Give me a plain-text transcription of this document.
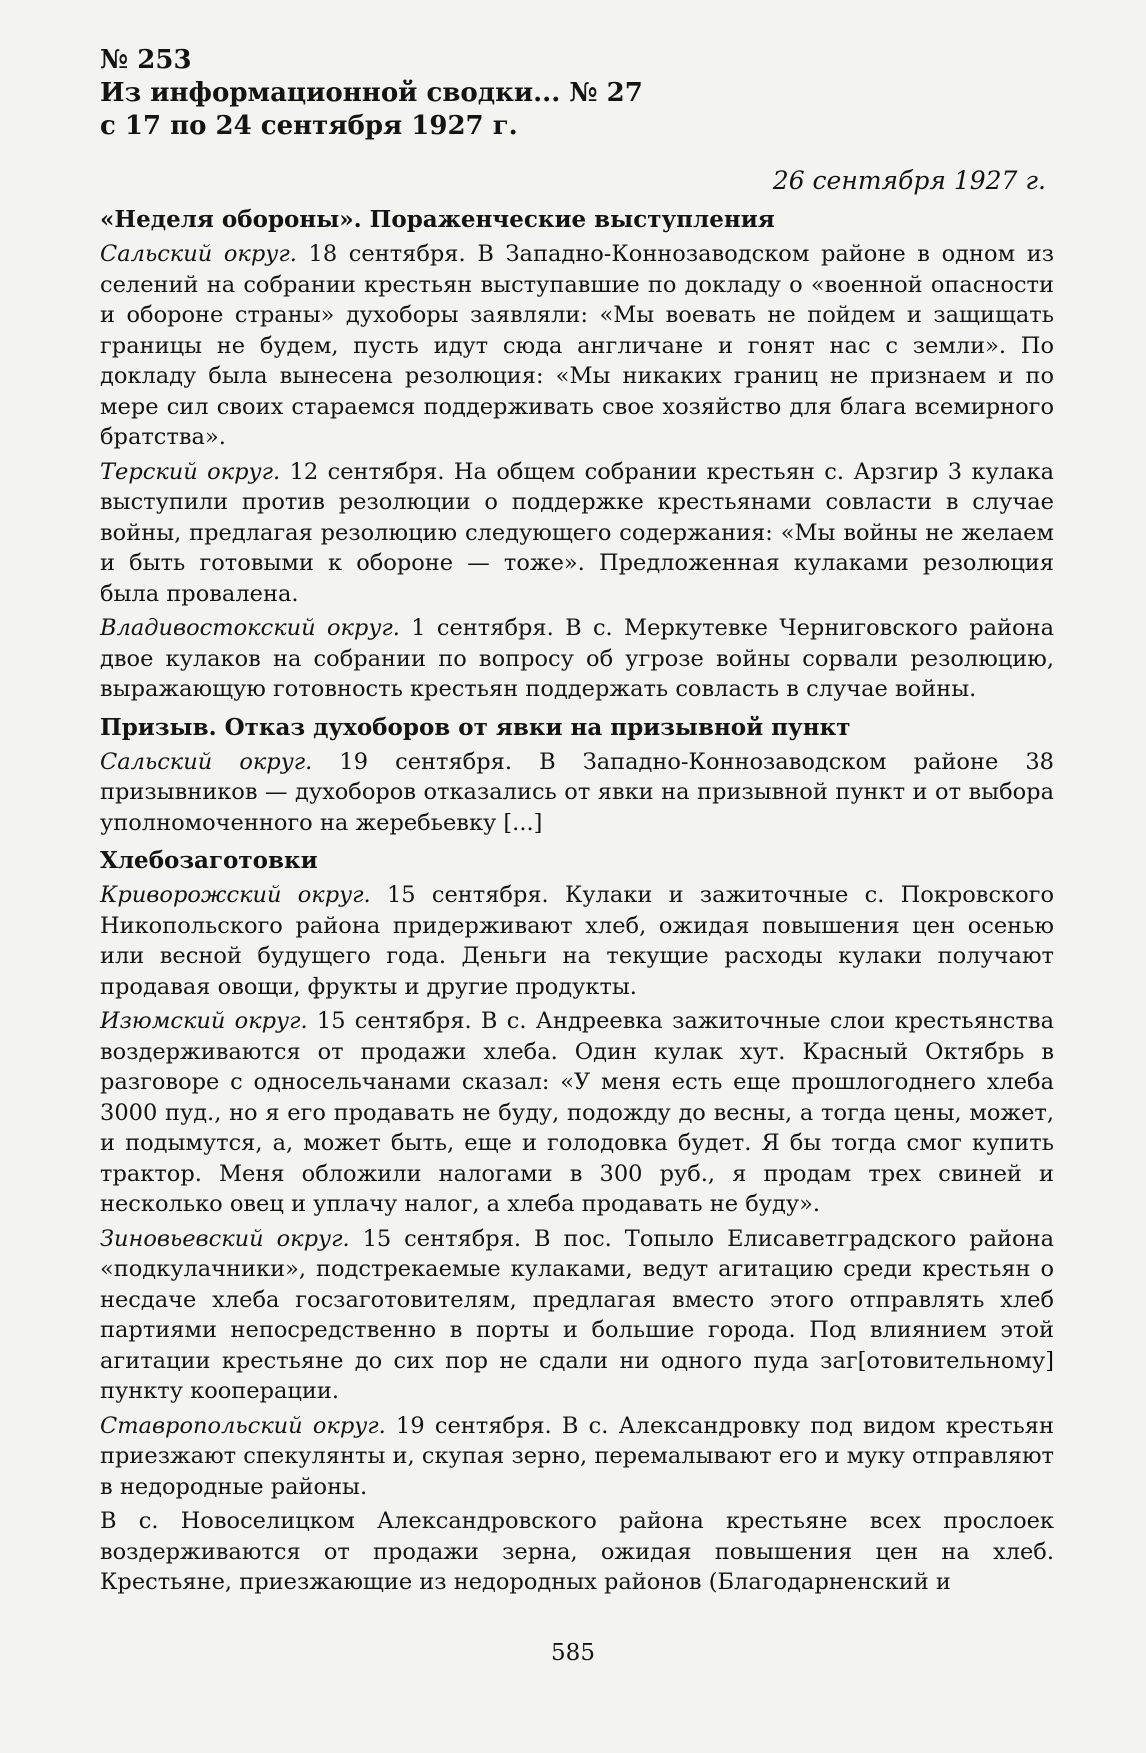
№ 253
Из информационной сводки... № 27
с 17 по 24 сентября 1927 г.
26 сентября 1927 г.
«Неделя обороны». Пораженческие выступления

Сальский округ. 18 сентября. В Западно-Коннозаводском районе в одном из селений на собрании крестьян выступавшие по докладу о «военной опасности и обороне страны» духоборы заявляли: «Мы воевать не пойдем и защищать границы не будем, пусть идут сюда англичане и гонят нас с земли». По докладу была вынесена резолюция: «Мы никаких границ не признаем и по мере сил своих стараемся поддерживать свое хозяйство для блага всемирного братства».

Терский округ. 12 сентября. На общем собрании крестьян с. Арзгир 3 кулака выступили против резолюции о поддержке крестьянами совласти в случае войны, предлагая резолюцию следующего содержания: «Мы войны не желаем и быть готовыми к обороне — тоже». Предложенная кулаками резолюция была провалена.

Владивостокский округ. 1 сентября. В с. Меркутевке Черниговского района двое кулаков на собрании по вопросу об угрозе войны сорвали резолюцию, выражающую готовность крестьян поддержать совласть в случае войны.

Призыв. Отказ духоборов от явки на призывной пункт

Сальский округ. 19 сентября. В Западно-Коннозаводском районе 38 призывников — духоборов отказались от явки на призывной пункт и от выбора уполномоченного на жеребьевку [...]

Хлебозаготовки

Криворожский округ. 15 сентября. Кулаки и зажиточные с. Покровского Никопольского района придерживают хлеб, ожидая повышения цен осенью или весной будущего года. Деньги на текущие расходы кулаки получают продавая овощи, фрукты и другие продукты.

Изюмский округ. 15 сентября. В с. Андреевка зажиточные слои крестьянства воздерживаются от продажи хлеба. Один кулак хут. Красный Октябрь в разговоре с односельчанами сказал: «У меня есть еще прошлогоднего хлеба 3000 пуд., но я его продавать не буду, подожду до весны, а тогда цены, может, и подымутся, а, может быть, еще и голодовка будет. Я бы тогда смог купить трактор. Меня обложили налогами в 300 руб., я продам трех свиней и несколько овец и уплачу налог, а хлеба продавать не буду».

Зиновьевский округ. 15 сентября. В пос. Топыло Елисаветградского района «подкулачники», подстрекаемые кулаками, ведут агитацию среди крестьян о несдаче хлеба госзаготовителям, предлагая вместо этого отправлять хлеб партиями непосредственно в порты и большие города. Под влиянием этой агитации крестьяне до сих пор не сдали ни одного пуда заг[отовительному] пункту кооперации.

Ставропольский округ. 19 сентября. В с. Александровку под видом крестьян приезжают спекулянты и, скупая зерно, перемалывают его и муку отправляют в недородные районы.

В с. Новоселицком Александровского района крестьяне всех прослоек воздерживаются от продажи зерна, ожидая повышения цен на хлеб. Крестьяне, приезжающие из недородных районов (Благодарненский и

585
